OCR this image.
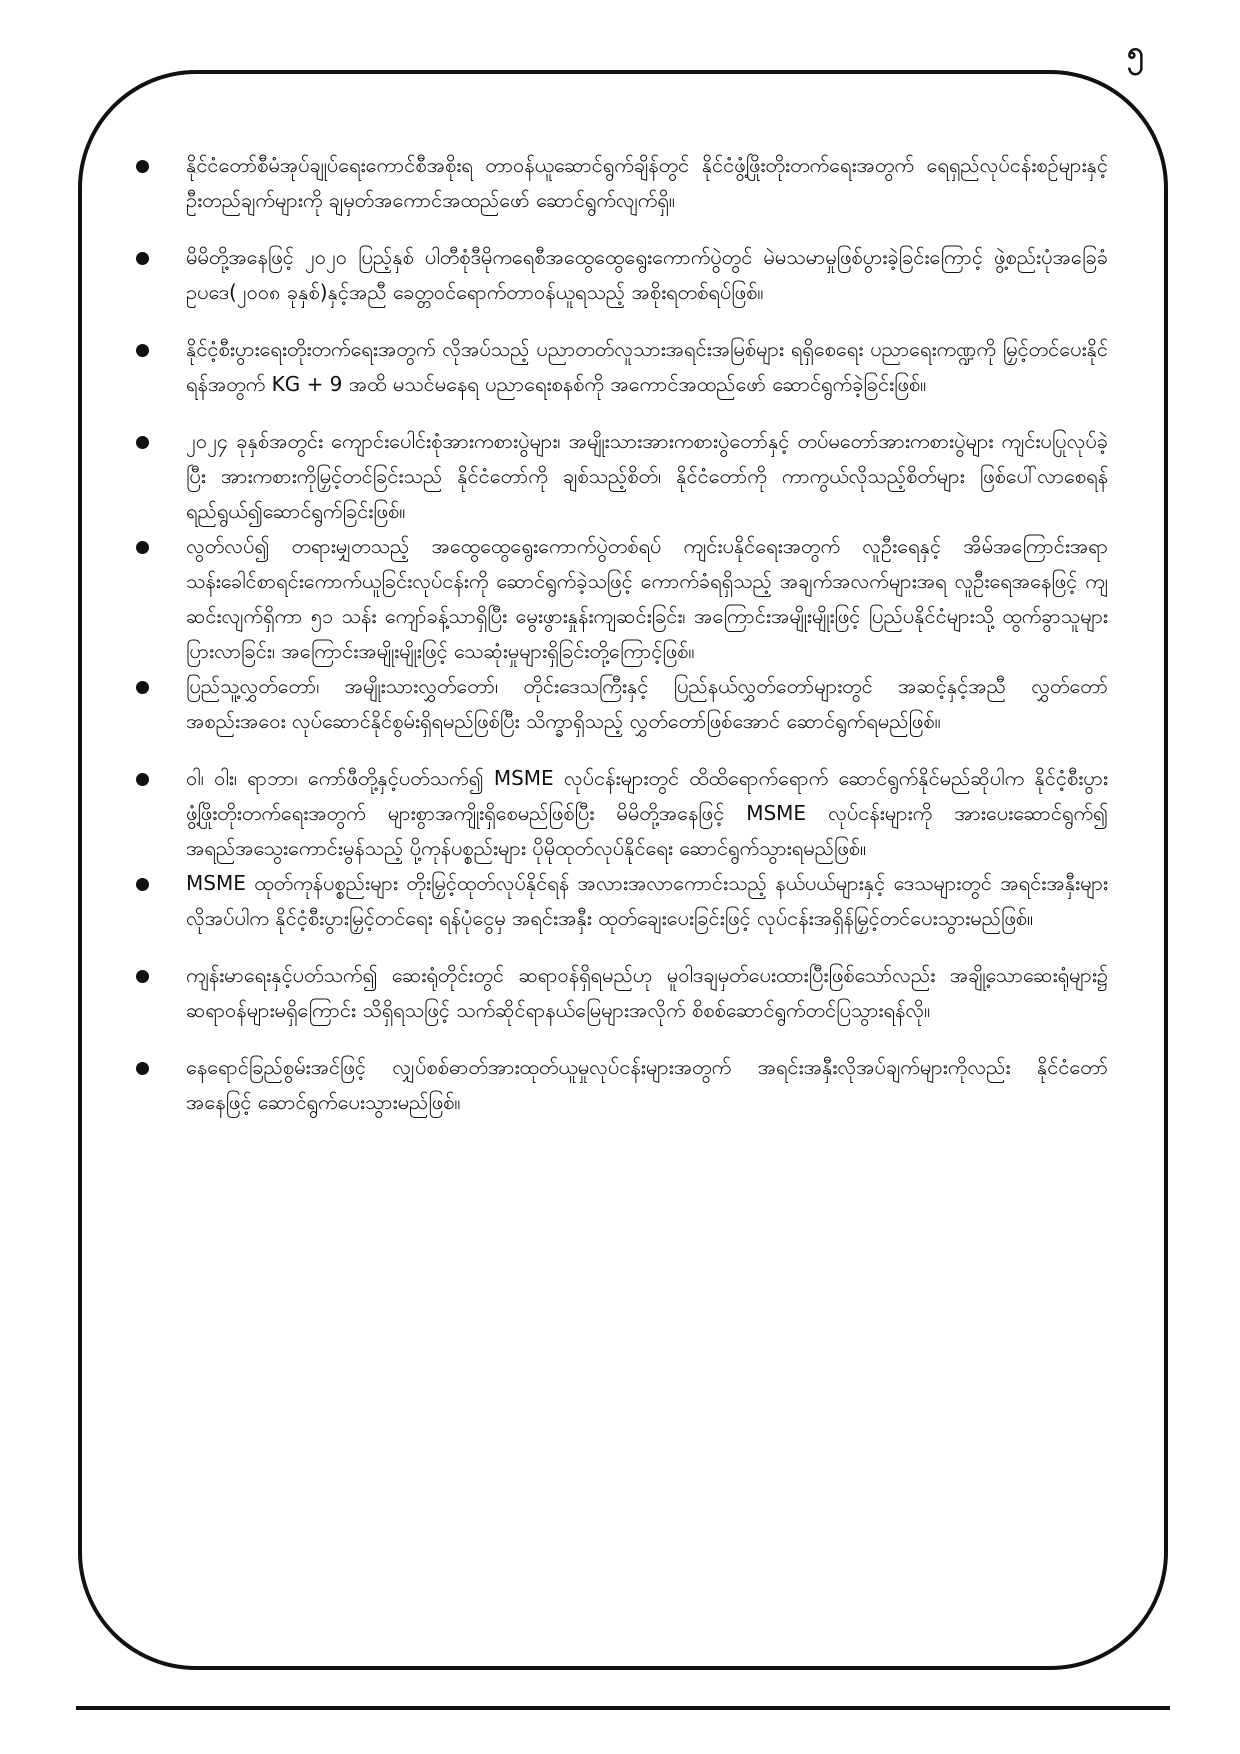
၅
နိုင်ငံတော်စီမံအုပ်ချုပ်ရေးကောင်စီအစိုးရ တာဝန်ယူဆောင်ရွက်ချိန်တွင် နိုင်ငံဖွံ့ဖြိုးတိုးတက်ရေးအတွက် ရေရှည်လုပ်ငန်းစဉ်များနှင့် ဦးတည်ချက်များကို ချမှတ်အကောင်အထည်ဖော် ဆောင်ရွက်လျက်ရှိ။
မိမိတို့အနေဖြင့် ၂၀၂၀ ပြည့်နှစ် ပါတီစုံဒီမိုကရေစီအထွေထွေရွေးကောက်ပွဲတွင် မဲမသမာမှုဖြစ်ပွားခဲ့ခြင်းကြောင့် ဖွဲ့စည်းပုံအခြေခံဥပဒေ(၂၀၀၈ ခုနှစ်)နှင့်အညီ ခေတ္တဝင်ရောက်တာဝန်ယူရသည့် အစိုးရတစ်ရပ်ဖြစ်။
နိုင်ငံ့စီးပွားရေးတိုးတက်ရေးအတွက် လိုအပ်သည့် ပညာတတ်လူသားအရင်းအမြစ်များ ရရှိစေရေး ပညာရေးကဏ္ဍကို မြှင့်တင်ပေးနိုင်ရန်အတွက် KG + 9 အထိ မသင်မနေရ ပညာရေးစနစ်ကို အကောင်အထည်ဖော် ဆောင်ရွက်ခဲ့ခြင်းဖြစ်။
၂၀၂၄ ခုနှစ်အတွင်း ကျောင်းပေါင်းစုံအားကစားပွဲများ၊ အမျိုးသားအားကစားပွဲတော်နှင့် တပ်မတော်အားကစားပွဲများ ကျင်းပပြုလုပ်ခဲ့ပြီး အားကစားကိုမြှင့်တင်ခြင်းသည် နိုင်ငံတော်ကို ချစ်သည့်စိတ်၊ နိုင်ငံတော်ကို ကာကွယ်လိုသည့်စိတ်များ ဖြစ်ပေါ်လာစေရန်ရည်ရွယ်၍ဆောင်ရွက်ခြင်းဖြစ်။
လွတ်လပ်၍ တရားမျှတသည့် အထွေထွေရွေးကောက်ပွဲတစ်ရပ် ကျင်းပနိုင်ရေးအတွက် လူဦးရေနှင့် အိမ်အကြောင်းအရာ သန်းခေါင်စာရင်းကောက်ယူခြင်းလုပ်ငန်းကို ဆောင်ရွက်ခဲ့သဖြင့် ကောက်ခံရရှိသည့် အချက်အလက်များအရ လူဦးရေအနေဖြင့် ကျဆင်းလျက်ရှိကာ ၅၁ သန်း ကျော်ခန့်သာရှိပြီး မွေးဖွားနှုန်းကျဆင်းခြင်း၊ အကြောင်းအမျိုးမျိုးဖြင့် ပြည်ပနိုင်ငံများသို့ ထွက်ခွာသူများပြားလာခြင်း၊ အကြောင်းအမျိုးမျိုးဖြင့် သေဆုံးမှုများရှိခြင်းတို့ကြောင့်ဖြစ်။
ပြည်သူ့လွှတ်တော်၊ အမျိုးသားလွှတ်တော်၊ တိုင်းဒေသကြီးနှင့် ပြည်နယ်လွှတ်တော်များတွင် အဆင့်နှင့်အညီ လွှတ်တော်အစည်းအဝေး လုပ်ဆောင်နိုင်စွမ်းရှိရမည်ဖြစ်ပြီး သိက္ခာရှိသည့် လွှတ်တော်ဖြစ်အောင် ဆောင်ရွက်ရမည်ဖြစ်။
ဝါ၊ ဝါး၊ ရာဘာ၊ ကော်ဖီတို့နှင့်ပတ်သက်၍ MSME လုပ်ငန်းများတွင် ထိထိရောက်ရောက် ဆောင်ရွက်နိုင်မည်ဆိုပါက နိုင်ငံ့စီးပွားဖွံ့ဖြိုးတိုးတက်ရေးအတွက် များစွာအကျိုးရှိစေမည်ဖြစ်ပြီး မိမိတို့အနေဖြင့် MSME လုပ်ငန်းများကို အားပေးဆောင်ရွက်၍ အရည်အသွေးကောင်းမွန်သည့် ပို့ကုန်ပစ္စည်းများ ပိုမိုထုတ်လုပ်နိုင်ရေး ဆောင်ရွက်သွားရမည်ဖြစ်။
MSME ထုတ်ကုန်ပစ္စည်းများ တိုးမြှင့်ထုတ်လုပ်နိုင်ရန် အလားအလာကောင်းသည့် နယ်ပယ်များနှင့် ဒေသများတွင် အရင်းအနှီးများလိုအပ်ပါက နိုင်ငံ့စီးပွားမြှင့်တင်ရေး ရန်ပုံငွေမှ အရင်းအနှီး ထုတ်ချေးပေးခြင်းဖြင့် လုပ်ငန်းအရှိန်မြှင့်တင်ပေးသွားမည်ဖြစ်။
ကျန်းမာရေးနှင့်ပတ်သက်၍ ဆေးရုံတိုင်းတွင် ဆရာဝန်ရှိရမည်ဟု မူဝါဒချမှတ်ပေးထားပြီးဖြစ်သော်လည်း အချို့သောဆေးရုံများ၌ ဆရာဝန်များမရှိကြောင်း သိရှိရသဖြင့် သက်ဆိုင်ရာနယ်မြေများအလိုက် စိစစ်ဆောင်ရွက်တင်ပြသွားရန်လို။
နေရောင်ခြည်စွမ်းအင်ဖြင့် လျှပ်စစ်ဓာတ်အားထုတ်ယူမှုလုပ်ငန်းများအတွက် အရင်းအနှီးလိုအပ်ချက်များကိုလည်း နိုင်ငံတော်အနေဖြင့် ဆောင်ရွက်ပေးသွားမည်ဖြစ်။
